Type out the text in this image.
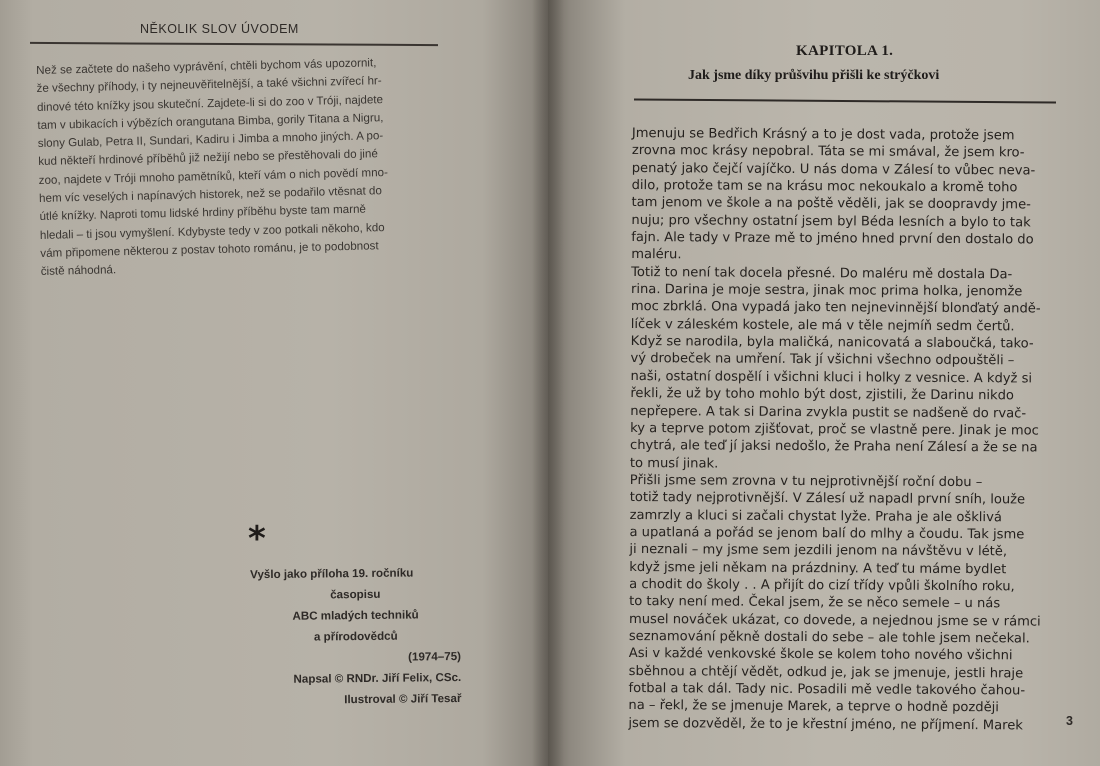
NĚKOLIK SLOV ÚVODEM
Než se začtete do našeho vyprávění, chtěli bychom vás upozornit,
že všechny příhody, i ty nejneuvěřitelnější, a také všichni zvířecí hr-
dinové této knížky jsou skuteční. Zajdete-li si do zoo v Tróji, najdete
tam v ubikacích i výbězích orangutana Bimba, gorily Titana a Nigru,
slony Gulab, Petra II, Sundari, Kadiru i Jimba a mnoho jiných. A po-
kud někteří hrdinové příběhů již nežijí nebo se přestěhovali do jiné
zoo, najdete v Tróji mnoho pamětníků, kteří vám o nich povědí mno-
hem víc veselých i napínavých historek, než se podařilo vtěsnat do
útlé knížky. Naproti tomu lidské hrdiny příběhu byste tam marně
hledali – ti jsou vymyšlení. Kdybyste tedy v zoo potkali někoho, kdo
vám připomene některou z postav tohoto románu, je to podobnost
čistě náhodná.
*
Vyšlo jako příloha 19. ročníku
časopisu
ABC mladých techniků
a přírodovědců
(1974–75)
Napsal © RNDr. Jiří Felix, CSc.
Ilustroval © Jiří Tesař
KAPITOLA 1.
Jak jsme díky průšvihu přišli ke strýčkovi
Jmenuju se Bedřich Krásný a to je dost vada, protože jsem
zrovna moc krásy nepobral. Táta se mi smával, že jsem kro-
penatý jako čejčí vajíčko. U nás doma v Zálesí to vůbec neva-
dilo, protože tam se na krásu moc nekoukalo a kromě toho
tam jenom ve škole a na poště věděli, jak se doopravdy jme-
nuju; pro všechny ostatní jsem byl Béda lesních a bylo to tak
fajn. Ale tady v Praze mě to jméno hned první den dostalo do
maléru.
Totiž to není tak docela přesné. Do maléru mě dostala Da-
rina. Darina je moje sestra, jinak moc prima holka, jenomže
moc zbrklá. Ona vypadá jako ten nejnevinnější blonďatý andě-
líček v záleském kostele, ale má v těle nejmíň sedm čertů.
Když se narodila, byla maličká, nanicovatá a slaboučká, tako-
vý drobeček na umření. Tak jí všichni všechno odpouštěli –
naši, ostatní dospělí i všichni kluci i holky z vesnice. A když si
řekli, že už by toho mohlo být dost, zjistili, že Darinu nikdo
nepřepere. A tak si Darina zvykla pustit se nadšeně do rvač-
ky a teprve potom zjišťovat, proč se vlastně pere. Jinak je moc
chytrá, ale teď jí jaksi nedošlo, že Praha není Zálesí a že se na
to musí jinak.
Přišli jsme sem zrovna v tu nejprotivnější roční dobu –
totiž tady nejprotivnější. V Zálesí už napadl první sníh, louže
zamrzly a kluci si začali chystat lyže. Praha je ale ošklivá
a upatlaná a pořád se jenom balí do mlhy a čoudu. Tak jsme
ji neznali – my jsme sem jezdili jenom na návštěvu v létě,
když jsme jeli někam na prázdniny. A teď tu máme bydlet
a chodit do školy . . A přijít do cizí třídy vpůli školního roku,
to taky není med. Čekal jsem, že se něco semele – u nás
musel nováček ukázat, co dovede, a nejednou jsme se v rámci
seznamování pěkně dostali do sebe – ale tohle jsem nečekal.
Asi v každé venkovské škole se kolem toho nového všichni
sběhnou a chtějí vědět, odkud je, jak se jmenuje, jestli hraje
fotbal a tak dál. Tady nic. Posadili mě vedle takového čahou-
na – řekl, že se jmenuje Marek, a teprve o hodně později
jsem se dozvěděl, že to je křestní jméno, ne příjmení. Marek	3
